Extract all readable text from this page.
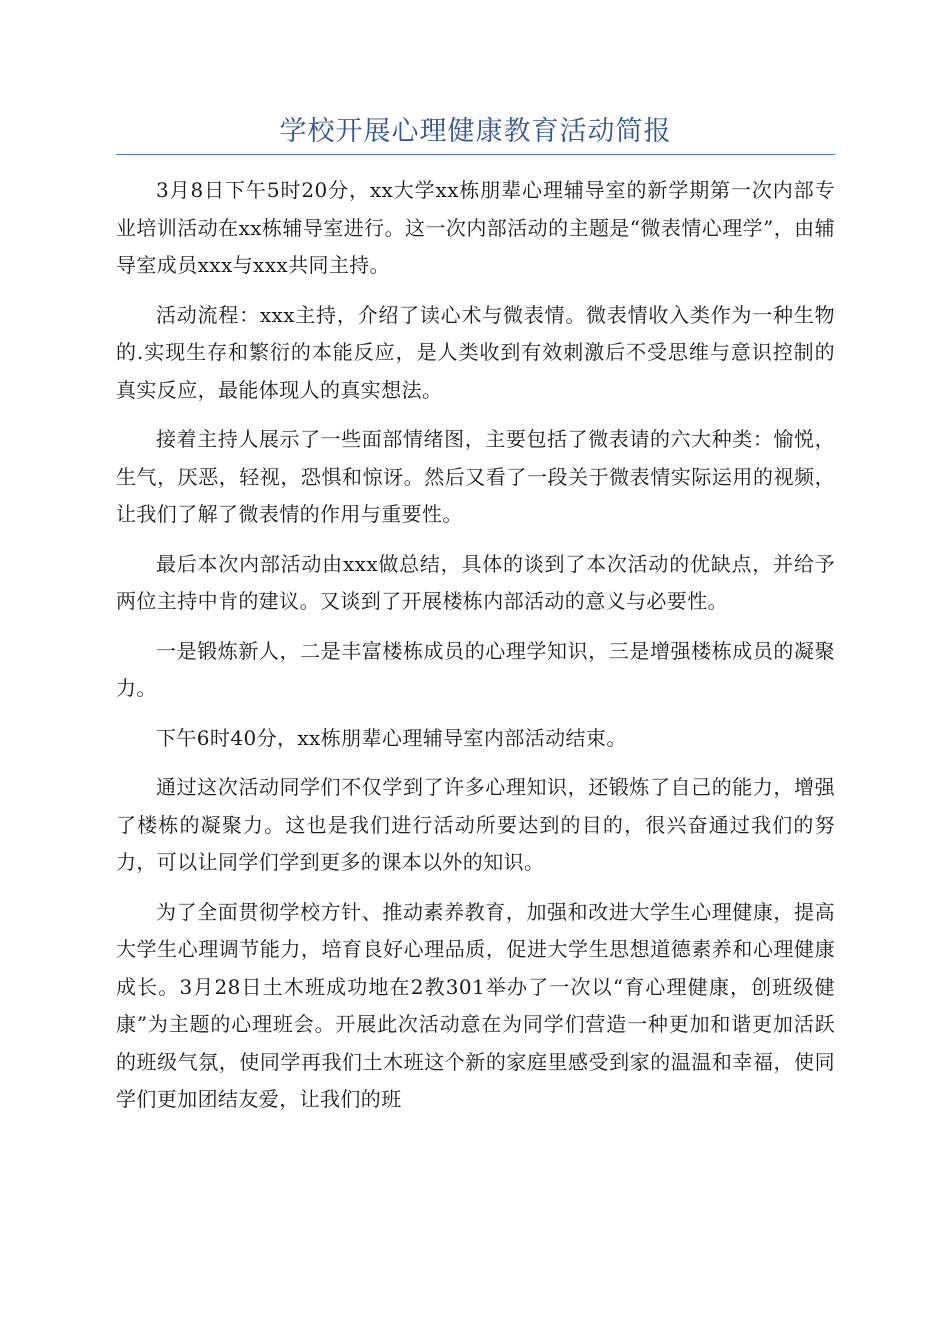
学校开展心理健康教育活动简报

3月8日下午5时20分，xx大学xx栋朋辈心理辅导室的新学期第一次内部专业培训活动在xx栋辅导室进行。这一次内部活动的主题是“微表情心理学”，由辅导室成员xxx与xxx共同主持。

活动流程：xxx主持，介绍了读心术与微表情。微表情收入类作为一种生物的.实现生存和繁衍的本能反应，是人类收到有效刺激后不受思维与意识控制的真实反应，最能体现人的真实想法。

接着主持人展示了一些面部情绪图，主要包括了微表请的六大种类：愉悦，生气，厌恶，轻视，恐惧和惊讶。然后又看了一段关于微表情实际运用的视频，让我们了解了微表情的作用与重要性。

最后本次内部活动由xxx做总结，具体的谈到了本次活动的优缺点，并给予两位主持中肯的建议。又谈到了开展楼栋内部活动的意义与必要性。

一是锻炼新人，二是丰富楼栋成员的心理学知识，三是增强楼栋成员的凝聚力。

下午6时40分，xx栋朋辈心理辅导室内部活动结束。

通过这次活动同学们不仅学到了许多心理知识，还锻炼了自己的能力，增强了楼栋的凝聚力。这也是我们进行活动所要达到的目的，很兴奋通过我们的努力，可以让同学们学到更多的课本以外的知识。

为了全面贯彻学校方针、推动素养教育，加强和改进大学生心理健康，提高大学生心理调节能力，培育良好心理品质，促进大学生思想道德素养和心理健康成长。3月28日土木班成功地在2教301举办了一次以“育心理健康，创班级健康”为主题的心理班会。开展此次活动意在为同学们营造一种更加和谐更加活跃的班级气氛，使同学再我们土木班这个新的家庭里感受到家的温温和幸福，使同学们更加团结友爱，让我们的班
